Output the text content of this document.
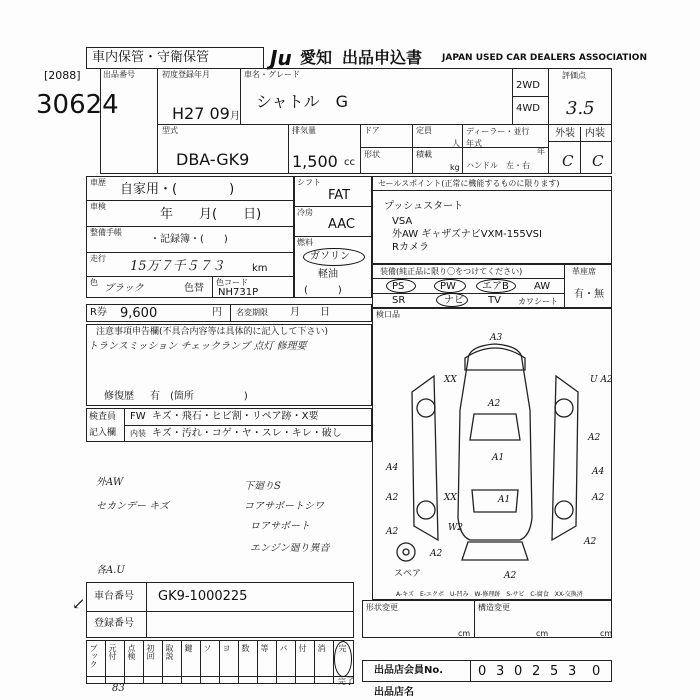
車内保管・守衛保管	Ju 愛知 出品申込書 JAPAN USED CAR DEALERS ASSOCIATION
[2088]	出品番号
30624
初度登録年月
H27 09 月
車名・グレード
シャトル　G
2WD
4WD
評価点
3.5
型式
DBA-GK9
排気量
1,500 cc
ドア	定員
人
形状	積載
kg
ディーラー・並行
年式
年
ハンドル　左・右
外装 内装
C C
車歴 自家用・(　　　　)
車検
年　　月(　　日)
整備手帳
・記録簿・(　　)
走行
15万７千５７３	km
色
ブラック	色替
色コード
NH731P
シフト
FAT
冷房
AAC
燃料
ガソリン
軽油
(　　　)
R券 9,600	円 名変期限 月　　日
セールスポイント(正常に機能するものに限ります)
プッシュスタート
VSA
外AW ギャザズナビVXM-155VSI
Rカメラ
装備(純正品に限り〇をつけてください)
PS	PW	エアB	AW
SR	ナビ TV カワシート
革座席
有・無
注意事項申告欄(不具合内容等は具体的に記入して下さい)
トランスミッション チェックランプ 点灯 修理要
修復歴 有　(箇所　　　　　)
検査員
記入欄
FW キズ・飛石・ヒビ割・リペア跡・X要
内装 キズ・汚れ・コゲ・ヤ・スレ・キレ・破し
外AW
セカンデー キズ
下廻りS
コアサポートシワ
ロアサポート
エンジン廻り異音
各A.U
↙
検口品
A3
XX
A2
U A2
A2
A1
A4	A4
A2	XX	A1	A2
W2
A2
A2
A2
A2
スペア
A-キズ　E-エクボ　U-凹み　W-修理跡　S-サビ　C-腐食　XX-交換済
車台番号 GK9-1000225
登録番号
ブック 元付 点検 初回 取説 鍵 ソ ヨ 数 等 パ 付 消 完
完了
83
形状変更	構造変更
cm	cm	cm
出品店会員No.	0 3 0 2 5 3 0
出品店名
